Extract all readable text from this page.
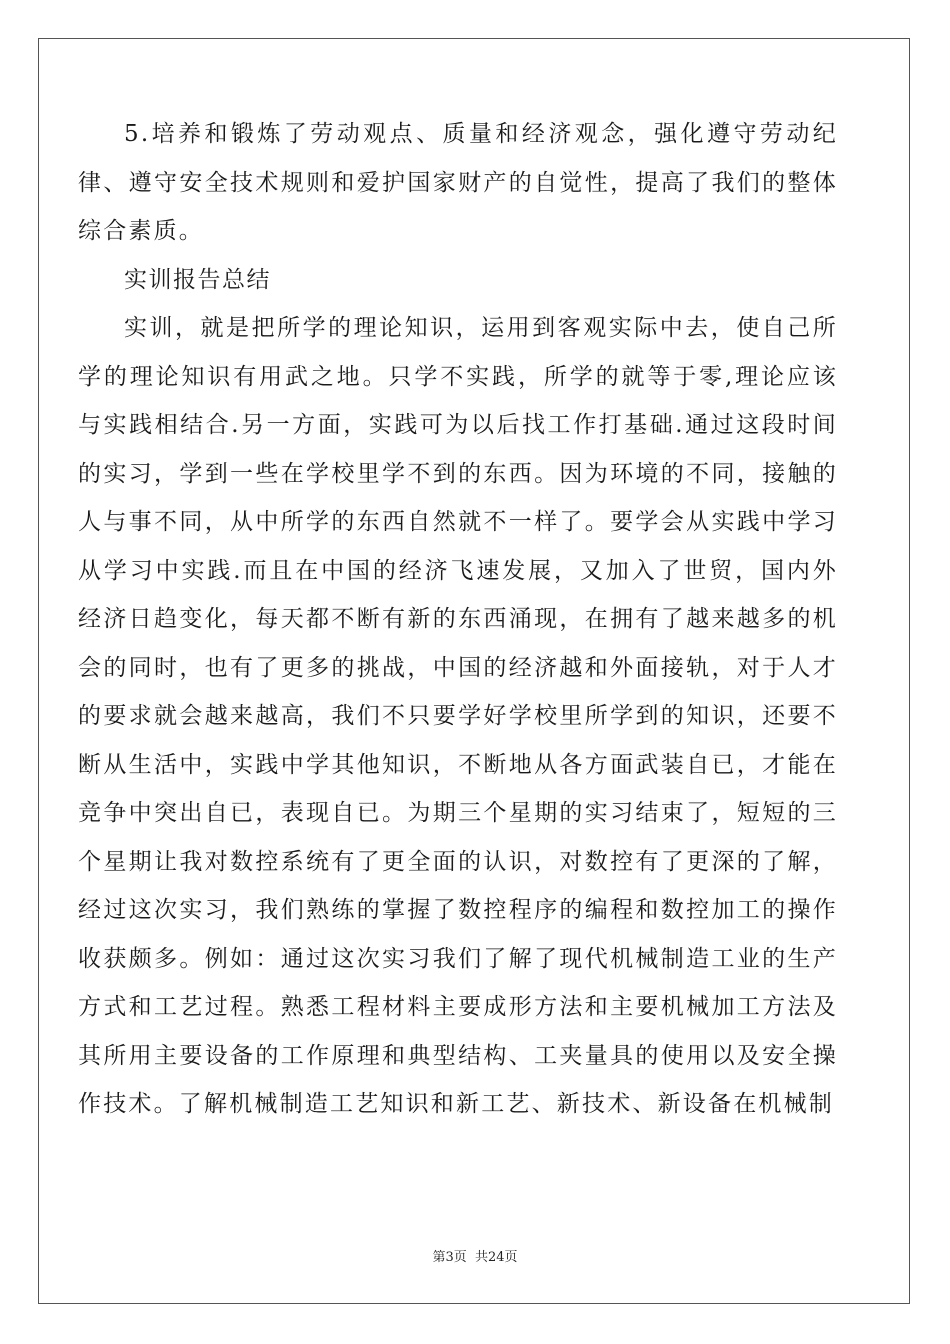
5.培养和锻炼了劳动观点、质量和经济观念，强化遵守劳动纪律、遵守安全技术规则和爱护国家财产的自觉性，提高了我们的整体综合素质。

实训报告总结

实训，就是把所学的理论知识，运用到客观实际中去，使自己所学的理论知识有用武之地。只学不实践，所学的就等于零,理论应该与实践相结合.另一方面，实践可为以后找工作打基础.通过这段时间的实习，学到一些在学校里学不到的东西。因为环境的不同，接触的人与事不同，从中所学的东西自然就不一样了。要学会从实践中学习从学习中实践.而且在中国的经济飞速发展，又加入了世贸，国内外经济日趋变化，每天都不断有新的东西涌现，在拥有了越来越多的机会的同时，也有了更多的挑战，中国的经济越和外面接轨，对于人才的要求就会越来越高，我们不只要学好学校里所学到的知识，还要不断从生活中，实践中学其他知识，不断地从各方面武装自已，才能在竞争中突出自已，表现自已。为期三个星期的实习结束了，短短的三个星期让我对数控系统有了更全面的认识，对数控有了更深的了解，经过这次实习，我们熟练的掌握了数控程序的编程和数控加工的操作收获颇多。例如：通过这次实习我们了解了现代机械制造工业的生产方式和工艺过程。熟悉工程材料主要成形方法和主要机械加工方法及其所用主要设备的工作原理和典型结构、工夹量具的使用以及安全操作技术。了解机械制造工艺知识和新工艺、新技术、新设备在机械制

第3页 共24页
